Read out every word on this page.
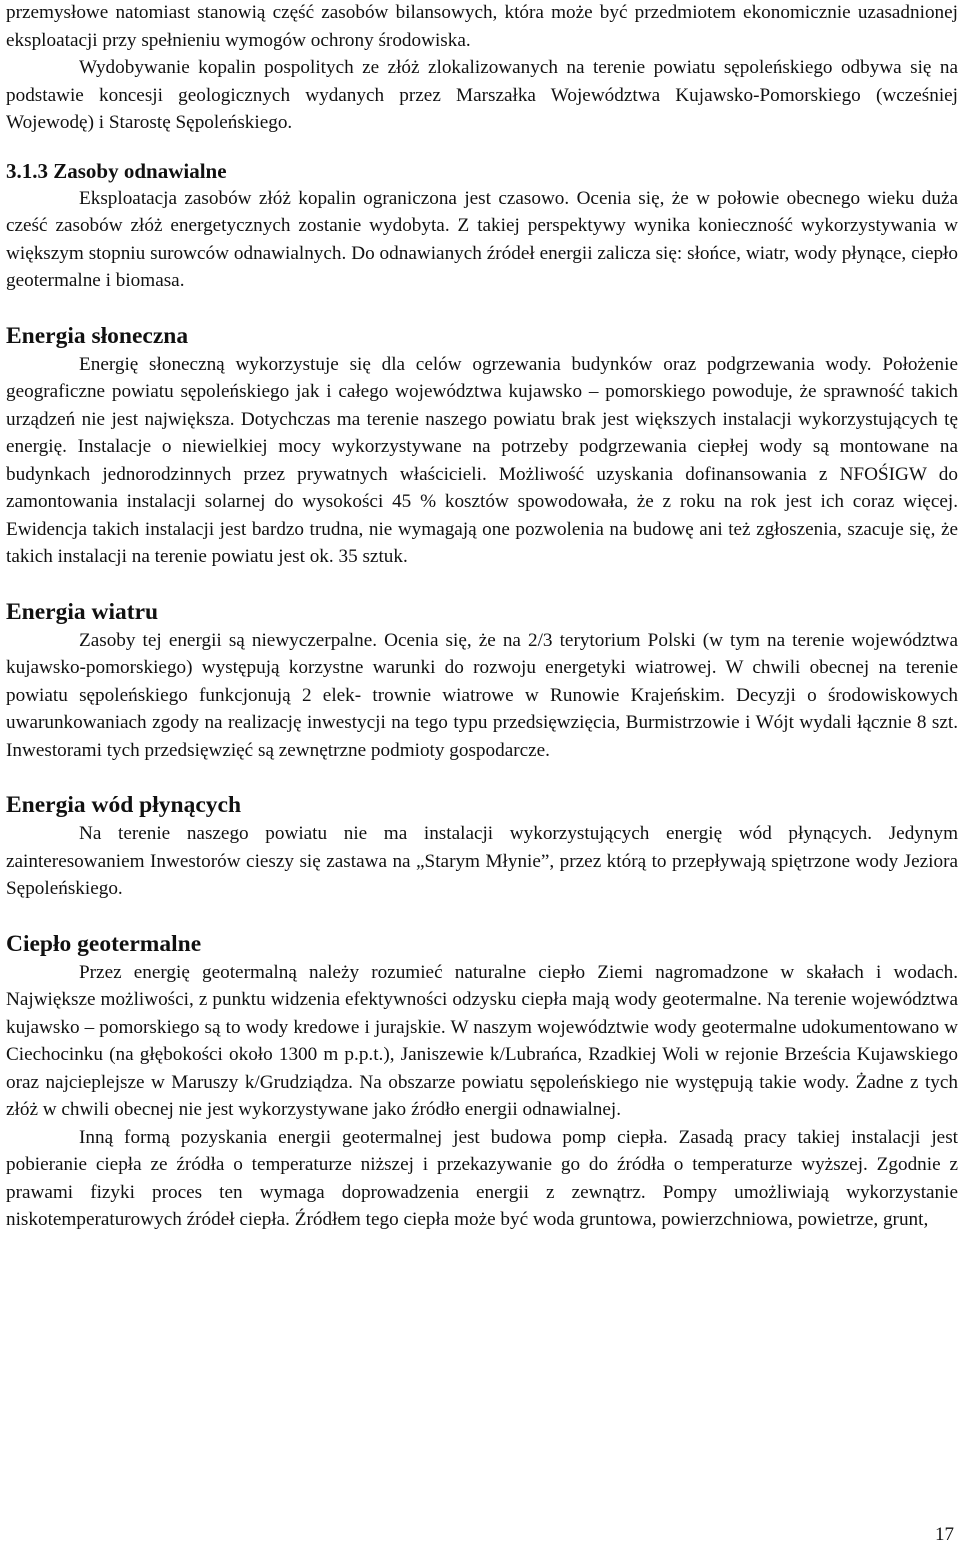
przemysłowe natomiast stanowią część zasobów bilansowych, która może być przedmiotem ekonomicznie uzasadnionej eksploatacji przy spełnieniu wymogów ochrony środowiska.

Wydobywanie kopalin pospolitych ze złóż zlokalizowanych na terenie powiatu sępoleńskiego odbywa się na podstawie koncesji geologicznych wydanych przez Marszałka Województwa Kujawsko-Pomorskiego (wcześniej Wojewodę) i Starostę Sępoleńskiego.

3.1.3 Zasoby odnawialne

Eksploatacja zasobów złóż kopalin ograniczona jest czasowo. Ocenia się, że w połowie obecnego wieku duża cześć zasobów złóż energetycznych zostanie wydobyta. Z takiej perspektywy wynika konieczność wykorzystywania w większym stopniu surowców odnawialnych. Do odnawianych źródeł energii zalicza się: słońce, wiatr, wody płynące, ciepło geotermalne i biomasa.

Energia słoneczna

Energię słoneczną wykorzystuje się dla celów ogrzewania budynków oraz podgrzewania wody. Położenie geograficzne powiatu sępoleńskiego jak i całego województwa kujawsko – pomorskiego powoduje, że sprawność takich urządzeń nie jest największa. Dotychczas ma terenie naszego powiatu brak jest większych instalacji wykorzystujących tę energię. Instalacje o niewielkiej mocy wykorzystywane na potrzeby podgrzewania ciepłej wody są montowane na budynkach jednorodzinnych przez prywatnych właścicieli. Możliwość uzyskania dofinansowania z NFOŚIGW do zamontowania instalacji solarnej do wysokości 45 % kosztów spowodowała, że z roku na rok jest ich coraz więcej. Ewidencja takich instalacji jest bardzo trudna, nie wymagają one pozwolenia na budowę ani też zgłoszenia, szacuje się, że takich instalacji na terenie powiatu jest ok. 35 sztuk.

Energia wiatru

Zasoby tej energii są niewyczerpalne. Ocenia się, że na 2/3 terytorium Polski (w tym na terenie województwa kujawsko-pomorskiego) występują korzystne warunki do rozwoju energetyki wiatrowej. W chwili obecnej na terenie powiatu sępoleńskiego funkcjonują 2 elek- trownie wiatrowe w Runowie Krajeńskim. Decyzji o środowiskowych uwarunkowaniach zgody na realizację inwestycji na tego typu przedsięwzięcia, Burmistrzowie i Wójt wydali łącznie 8 szt. Inwestorami tych przedsięwzięć są zewnętrzne podmioty gospodarcze.

Energia wód płynących

Na terenie naszego powiatu nie ma instalacji wykorzystujących energię wód płynących. Jedynym zainteresowaniem Inwestorów cieszy się zastawa na „Starym Młynie”, przez którą to przepływają spiętrzone wody Jeziora Sępoleńskiego.

Ciepło geotermalne

Przez energię geotermalną należy rozumieć naturalne ciepło Ziemi nagromadzone w skałach i wodach. Największe możliwości, z punktu widzenia efektywności odzysku ciepła mają wody geotermalne. Na terenie województwa kujawsko – pomorskiego są to wody kredowe i jurajskie. W naszym województwie wody geotermalne udokumentowano w Ciechocinku (na głębokości około 1300 m p.p.t.), Janiszewie k/Lubrańca, Rzadkiej Woli w rejonie Brześcia Kujawskiego oraz najcieplejsze w Maruszy k/Grudziądza. Na obszarze powiatu sępoleńskiego nie występują takie wody. Żadne z tych złóż w chwili obecnej nie jest wykorzystywane jako źródło energii odnawialnej.

Inną formą pozyskania energii geotermalnej jest budowa pomp ciepła. Zasadą pracy takiej instalacji jest pobieranie ciepła ze źródła o temperaturze niższej i przekazywanie go do źródła o temperaturze wyższej. Zgodnie z prawami fizyki proces ten wymaga doprowadzenia energii z zewnątrz. Pompy umożliwiają wykorzystanie niskotemperaturowych źródeł ciepła. Źródłem tego ciepła może być woda gruntowa, powierzchniowa, powietrze, grunt,

17
